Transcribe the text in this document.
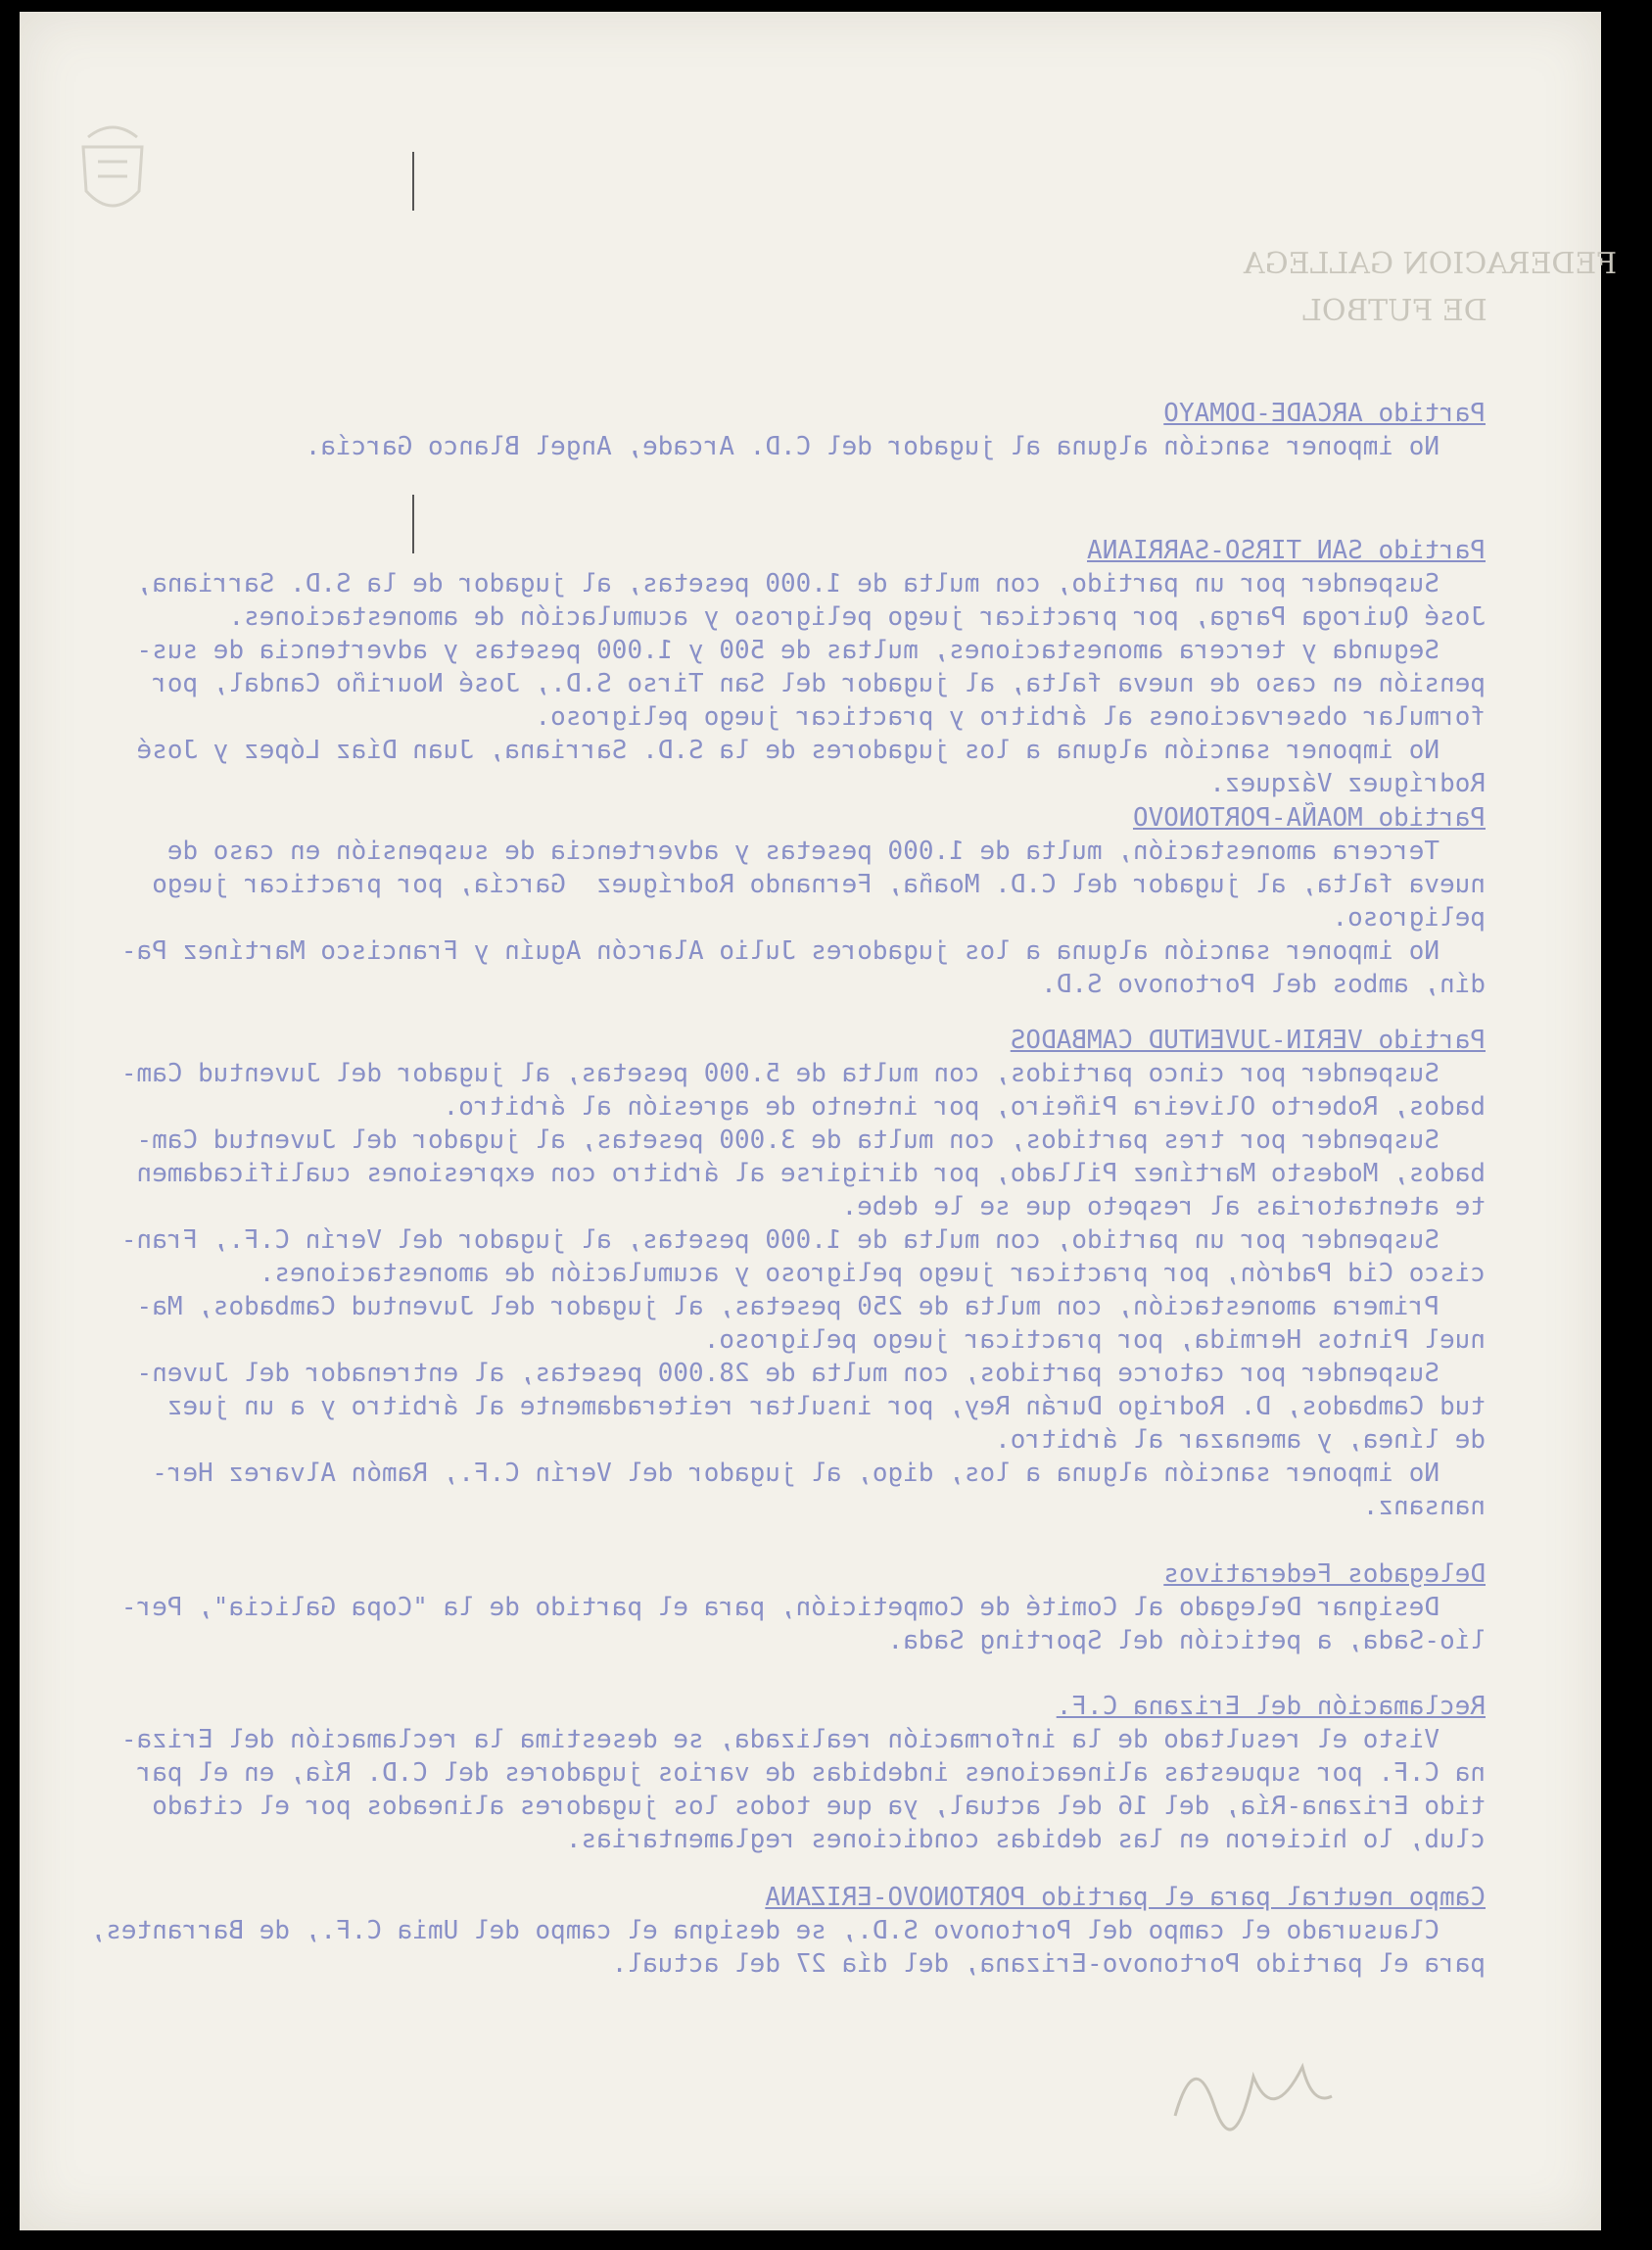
FEDERACION GALLEGA
DE FUTBOL

Partido ARCADE-DOMAYO

No imponer sanción alguna al jugador del C.D. Arcade, Angel Blanco García.

Partido SAN TIRSO-SARRIANA

Suspender por un partido, con multa de 1.000 pesetas, al jugador de la S.D. Sarriana,

José Quiroga Parga, por practicar juego peligroso y acumulación de amonestaciones.

Segunda y tercera amonestaciones, multas de 500 y 1.000 pesetas y advertencia de sus-

pensión en caso de nueva falta, al jugador del San Tirso S.D., José Nouriño Candal, por

formular observaciones al árbitro y practicar juego peligroso.

No imponer sanción alguna a los jugadores de la S.D. Sarriana, Juan Díaz López y José

Rodríguez Vázquez.

Partido MOAÑA-PORTONOVO

Tercera amonestación, multa de 1.000 pesetas y advertencia de suspensión en caso de

nueva falta, al jugador del C.D. Moaña, Fernando Rodríguez  García, por practicar juego

peligroso.

No imponer sanción alguna a los jugadores Julio Alarcón Aguín y Francisco Martínez Pa-

dín, ambos del Portonovo S.D.

Partido VERIN-JUVENTUD CAMBADOS

Suspender por cinco partidos, con multa de 5.000 pesetas, al jugador del Juventud Cam-

bados, Roberto Oliveira Piñeiro, por intento de agresión al árbitro.

Suspender por tres partidos, con multa de 3.000 pesetas, al jugador del Juventud Cam-

bados, Modesto Martínez Pillado, por dirigirse al árbitro con expresiones cualificadamen

te atentatorias al respeto que se le debe.

Suspender por un partido, con multa de 1.000 pesetas, al jugador del Verín C.F., Fran-

cisco Cid Padrón, por practicar juego peligroso y acumulación de amonestaciones.

Primera amonestación, con multa de 250 pesetas, al jugador del Juventud Cambados, Ma-

nuel Pintos Hermida, por practicar juego peligroso.

Suspender por catorce partidos, con multa de 28.000 pesetas, al entrenador del Juven-

tud Cambados, D. Rodrigo Durán Rey, por insultar reiteradamente al árbitro y a un juez

de línea, y amenazar al árbitro.

No imponer sanción alguna a los, digo, al jugador del Verín C.F., Ramón Alvarez Her-

nansanz.

Delegados Federativos

Designar Delegado al Comité de Competición, para el partido de la "Copa Galicia", Per-

lío-Sada, a petición del Sporting Sada.

Reclamación del Erizana C.F.

Visto el resultado de la información realizada, se desestima la reclamación del Eriza-

na C.F. por supuestas alineaciones indebidas de varios jugadores del C.D. Ría, en el par

tido Erizana-Ría, del 16 del actual, ya que todos los jugadores alineados por el citado

club, lo hicieron en las debidas condiciones reglamentarias.

Campo neutral para el partido PORTONOVO-ERIZANA

Clausurado el campo del Portonovo S.D., se designa el campo del Umia C.F., de Barrantes,

para el partido Portonovo-Erizana, del día 27 del actual.
